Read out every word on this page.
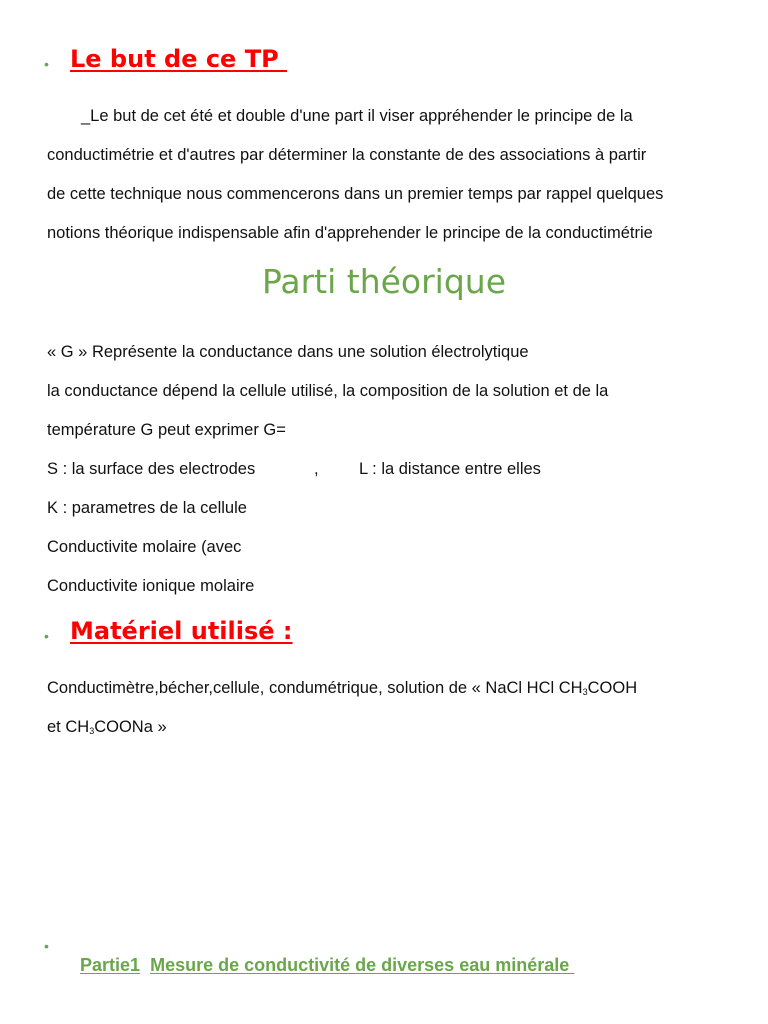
• Le but de ce TP
_Le but de cet été et double d'une part il viser appréhender le principe de la
conductimétrie et d'autres par déterminer la constante de des associations à partir
de cette technique nous commencerons dans un premier temps par rappel quelques
notions théorique indispensable afin d'apprehender le principe de la conductimétrie
Parti théorique
« G » Représente la conductance dans une solution électrolytique
la conductance dépend la cellule utilisé, la composition de la solution et de la
température G peut exprimer G=
S : la surface des electrodes	, L : la distance entre elles
K : parametres de la cellule
Conductivite molaire (avec
Conductivite ionique molaire
• Matériel utilisé :
Conductimètre,bécher,cellule, condumétrique, solution de « NaCl HCl $CH_3COOH$
et $CH_3COONa$ »
•

Partie1 Mesure de conductivité de diverses eau minérale
